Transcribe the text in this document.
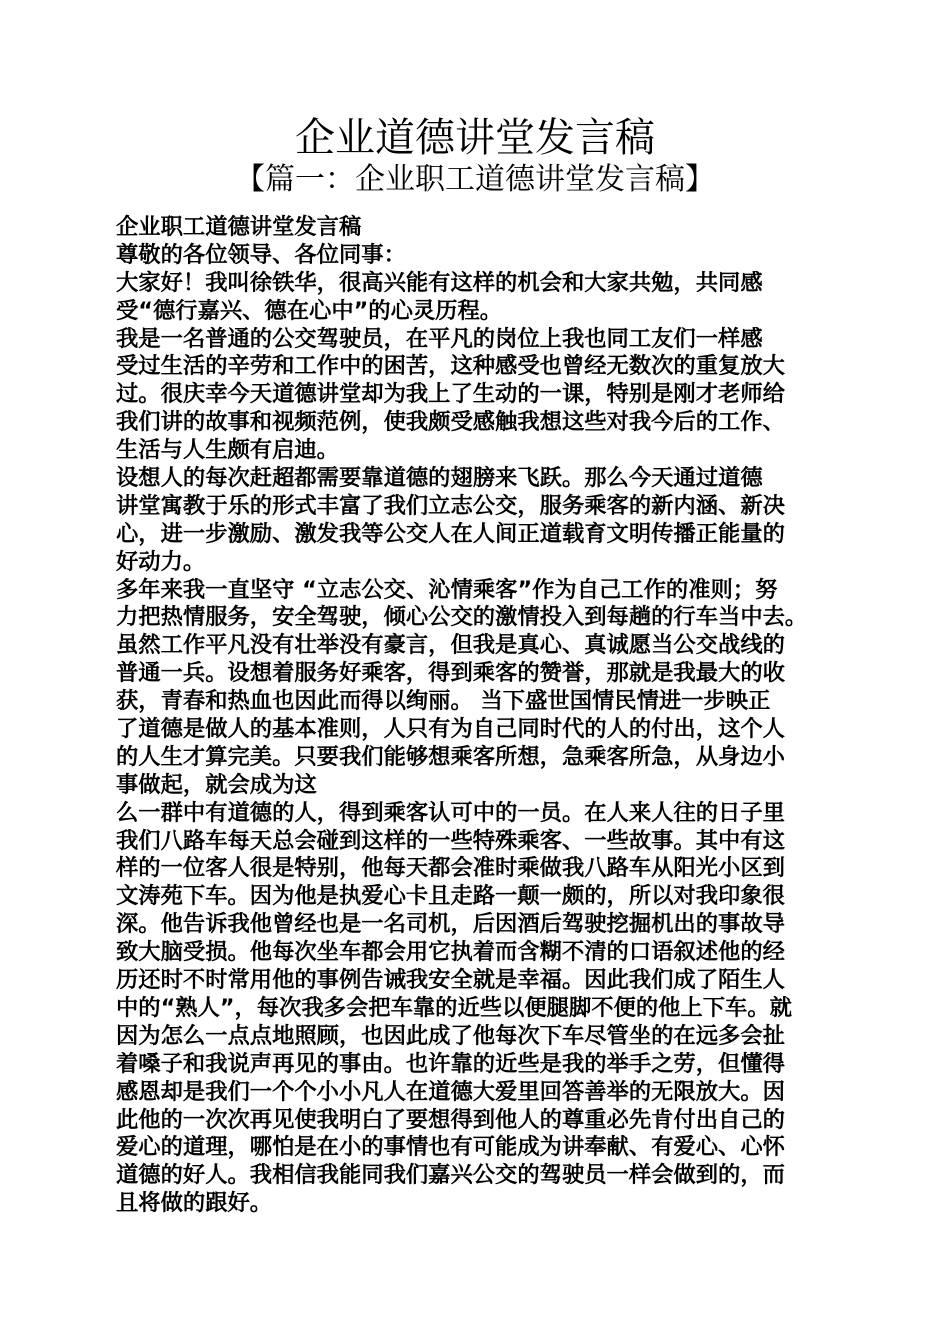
企业道德讲堂发言稿
【篇一：企业职工道德讲堂发言稿】
企业职工道德讲堂发言稿
尊敬的各位领导、各位同事：
大家好！我叫徐铁华，很高兴能有这样的机会和大家共勉，共同感
受“德行嘉兴、德在心中”的心灵历程。
我是一名普通的公交驾驶员，在平凡的岗位上我也同工友们一样感
受过生活的辛劳和工作中的困苦，这种感受也曾经无数次的重复放大
过。很庆幸今天道德讲堂却为我上了生动的一课，特别是刚才老师给
我们讲的故事和视频范例，使我颇受感触我想这些对我今后的工作、
生活与人生颇有启迪。
设想人的每次赶超都需要靠道德的翅膀来飞跃。那么今天通过道德
讲堂寓教于乐的形式丰富了我们立志公交，服务乘客的新内涵、新决
心，进一步激励、激发我等公交人在人间正道载育文明传播正能量的
好动力。
多年来我一直坚守 “立志公交、沁情乘客”作为自己工作的准则；努
力把热情服务，安全驾驶，倾心公交的激情投入到每趟的行车当中去。
虽然工作平凡没有壮举没有豪言，但我是真心、真诚愿当公交战线的
普通一兵。设想着服务好乘客，得到乘客的赞誉，那就是我最大的收
获，青春和热血也因此而得以绚丽。 当下盛世国情民情进一步映正
了道德是做人的基本准则，人只有为自己同时代的人的付出，这个人
的人生才算完美。只要我们能够想乘客所想，急乘客所急，从身边小
事做起，就会成为这
么一群中有道德的人，得到乘客认可中的一员。在人来人往的日子里
我们八路车每天总会碰到这样的一些特殊乘客、一些故事。其中有这
样的一位客人很是特别，他每天都会准时乘做我八路车从阳光小区到
文涛苑下车。因为他是执爱心卡且走路一颠一颇的，所以对我印象很
深。他告诉我他曾经也是一名司机，后因酒后驾驶挖掘机出的事故导
致大脑受损。他每次坐车都会用它执着而含糊不清的口语叙述他的经
历还时不时常用他的事例告诫我安全就是幸福。因此我们成了陌生人
中的“熟人”，每次我多会把车靠的近些以便腿脚不便的他上下车。就
因为怎么一点点地照顾，也因此成了他每次下车尽管坐的在远多会扯
着嗓子和我说声再见的事由。也许靠的近些是我的举手之劳，但懂得
感恩却是我们一个个小小凡人在道德大爱里回答善举的无限放大。因
此他的一次次再见使我明白了要想得到他人的尊重必先肯付出自己的
爱心的道理，哪怕是在小的事情也有可能成为讲奉献、有爱心、心怀
道德的好人。我相信我能同我们嘉兴公交的驾驶员一样会做到的，而
且将做的跟好。
